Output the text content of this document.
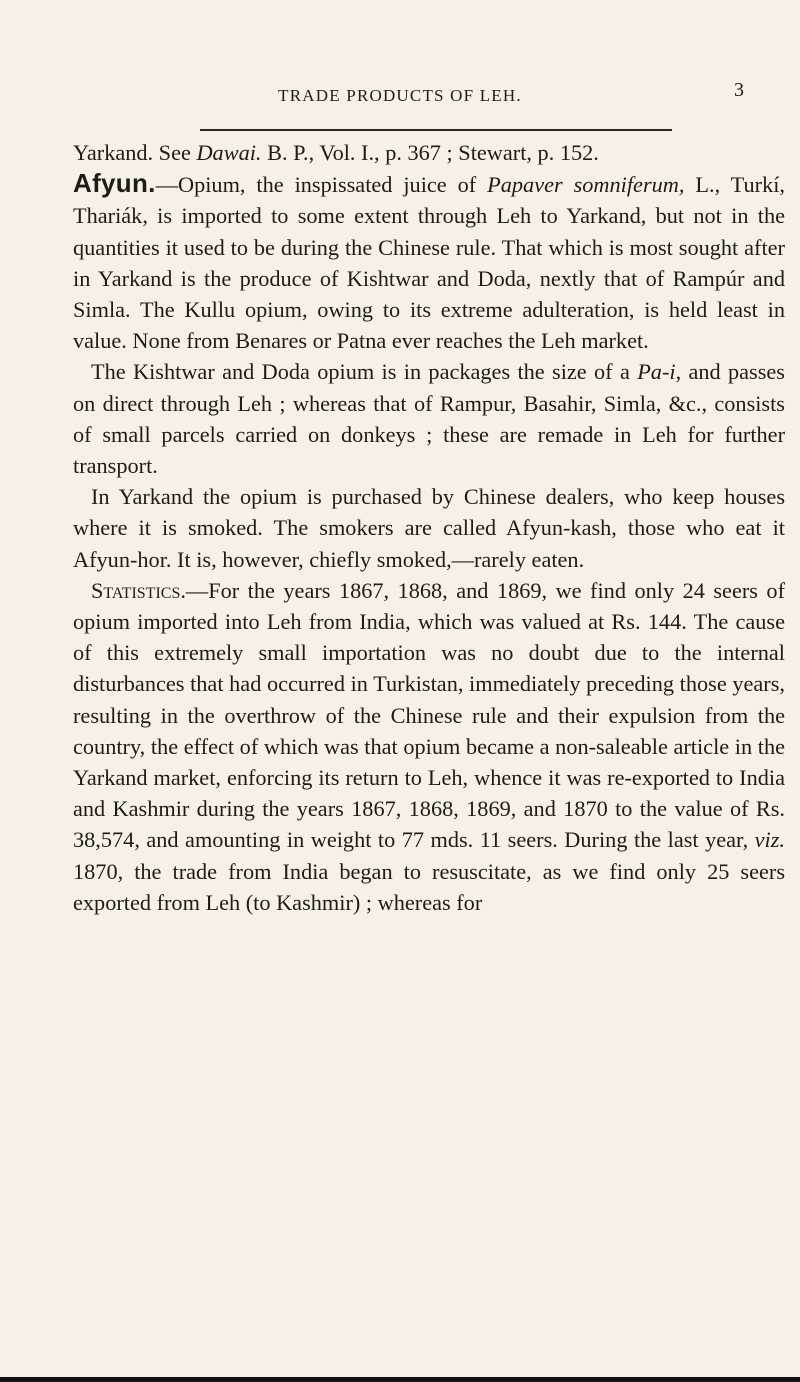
TRADE PRODUCTS OF LEH.	3

Yarkand. See Dawai. B. P., Vol. I., p. 367 ; Stewart, p. 152.

Afyun.—Opium, the inspissated juice of Papaver somniferum, L., Turkí, Thariák, is imported to some extent through Leh to Yarkand, but not in the quantities it used to be during the Chinese rule. That which is most sought after in Yarkand is the produce of Kishtwar and Doda, nextly that of Rampúr and Simla. The Kullu opium, owing to its extreme adulteration, is held least in value. None from Benares or Patna ever reaches the Leh market.

The Kishtwar and Doda opium is in packages the size of a Pa-i, and passes on direct through Leh ; whereas that of Rampur, Basahir, Simla, &c., consists of small parcels carried on donkeys ; these are remade in Leh for further transport.

In Yarkand the opium is purchased by Chinese dealers, who keep houses where it is smoked. The smokers are called Afyun-kash, those who eat it Afyun-hor. It is, however, chiefly smoked,—rarely eaten.

Statistics.—For the years 1867, 1868, and 1869, we find only 24 seers of opium imported into Leh from India, which was valued at Rs. 144. The cause of this extremely small importation was no doubt due to the internal disturbances that had occurred in Turkistan, immediately preceding those years, resulting in the overthrow of the Chinese rule and their expulsion from the country, the effect of which was that opium became a non-saleable article in the Yarkand market, enforcing its return to Leh, whence it was re-exported to India and Kashmir during the years 1867, 1868, 1869, and 1870 to the value of Rs. 38,574, and amounting in weight to 77 mds. 11 seers. During the last year, viz. 1870, the trade from India began to resuscitate, as we find only 25 seers exported from Leh (to Kashmir) ; whereas for
